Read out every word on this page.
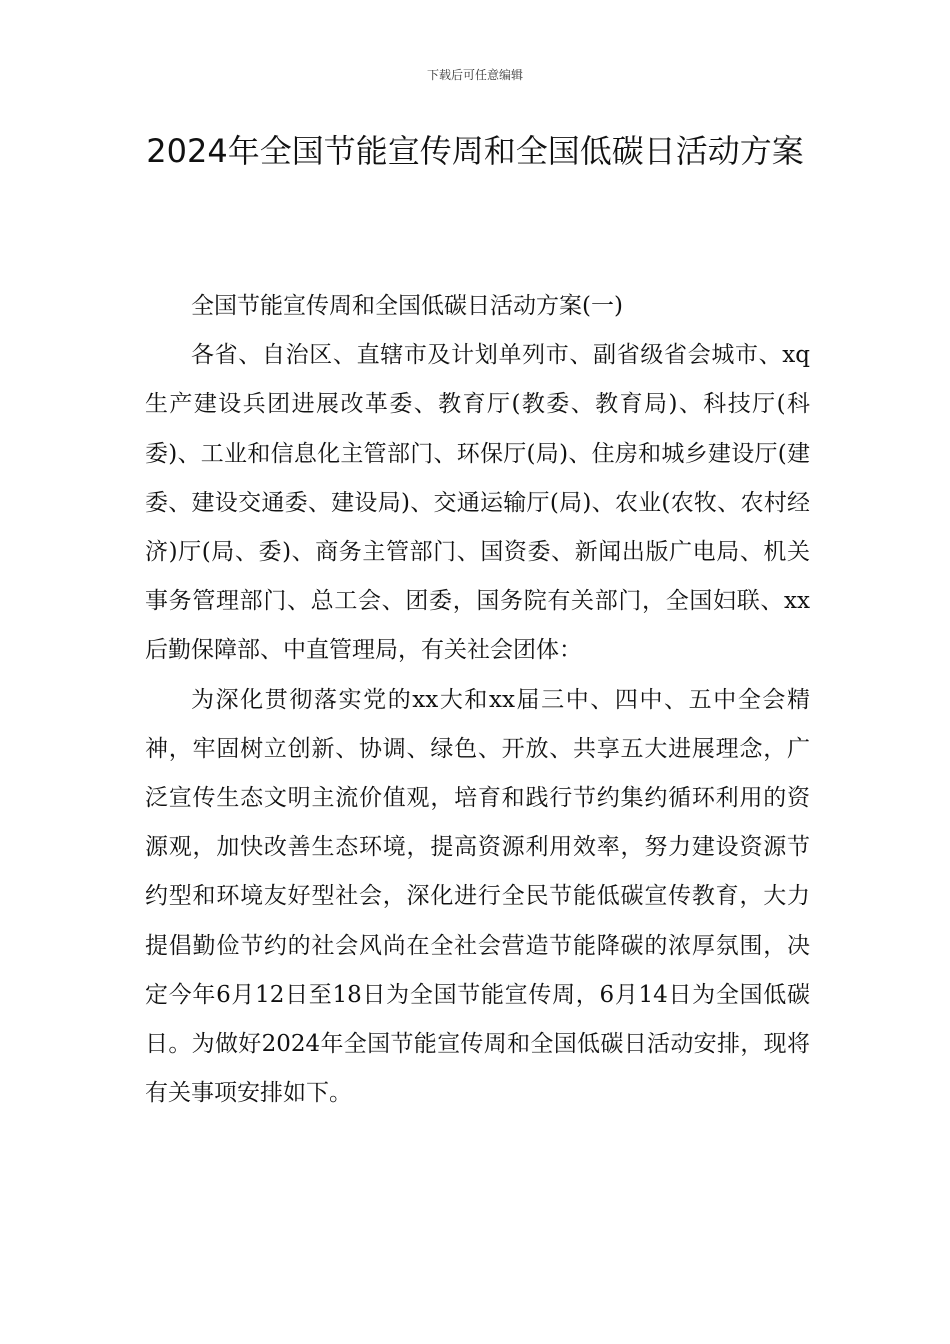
下载后可任意编辑
2024年全国节能宣传周和全国低碳日活动方案

全国节能宣传周和全国低碳日活动方案(一)

各省、自治区、直辖市及计划单列市、副省级省会城市、xq生产建设兵团进展改革委、教育厅(教委、教育局)、科技厅(科委)、工业和信息化主管部门、环保厅(局)、住房和城乡建设厅(建委、建设交通委、建设局)、交通运输厅(局)、农业(农牧、农村经济)厅(局、委)、商务主管部门、国资委、新闻出版广电局、机关事务管理部门、总工会、团委，国务院有关部门，全国妇联、xx后勤保障部、中直管理局，有关社会团体：

为深化贯彻落实党的xx大和xx届三中、四中、五中全会精神，牢固树立创新、协调、绿色、开放、共享五大进展理念，广泛宣传生态文明主流价值观，培育和践行节约集约循环利用的资源观，加快改善生态环境，提高资源利用效率，努力建设资源节约型和环境友好型社会，深化进行全民节能低碳宣传教育，大力提倡勤俭节约的社会风尚在全社会营造节能降碳的浓厚氛围，决定今年6月12日至18日为全国节能宣传周，6月14日为全国低碳日。为做好2024年全国节能宣传周和全国低碳日活动安排，现将有关事项安排如下。
